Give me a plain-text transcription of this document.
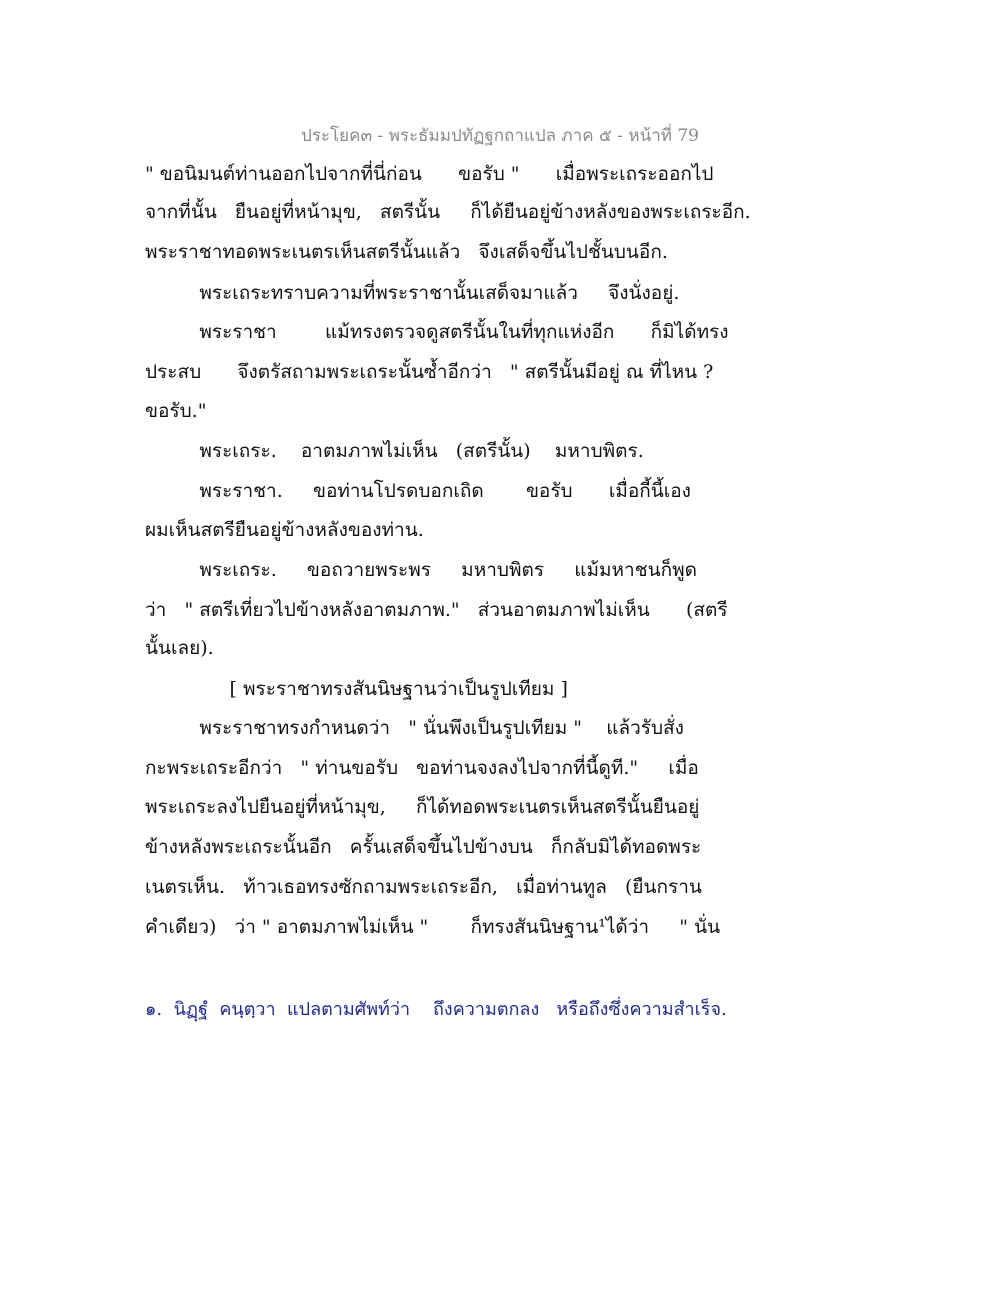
ประโยค๓ - พระธัมมปทัฏฐกถาแปล ภาค ๕ - หน้าที่ 79
" ขอนิมนต์ท่านออกไปจากที่นี่ก่อน      ขอรับ "      เมื่อพระเถระออกไป
จากที่นั้น   ยืนอยู่ที่หน้ามุข,   สตรีนั้น     ก็ได้ยืนอยู่ข้างหลังของพระเถระอีก.
พระราชาทอดพระเนตรเห็นสตรีนั้นแล้ว   จึงเสด็จขึ้นไปชั้นบนอีก.
พระเถระทราบความที่พระราชานั้นเสด็จมาแล้ว     จึงนั่งอยู่.
พระราชา        แม้ทรงตรวจดูสตรีนั้นในที่ทุกแห่งอีก      ก็มิได้ทรง
ประสบ      จึงตรัสถามพระเถระนั้นซ้ำอีกว่า   " สตรีนั้นมีอยู่ ณ ที่ไหน ?
ขอรับ."
พระเถระ.    อาตมภาพไม่เห็น   (สตรีนั้น)    มหาบพิตร.
พระราชา.     ขอท่านโปรดบอกเถิด       ขอรับ      เมื่อกี้นี้เอง
ผมเห็นสตรียืนอยู่ข้างหลังของท่าน.
พระเถระ.     ขอถวายพระพร     มหาบพิตร     แม้มหาชนก็พูด
ว่า   " สตรีเที่ยวไปข้างหลังอาตมภาพ."   ส่วนอาตมภาพไม่เห็น      (สตรี
นั้นเลย).
[ พระราชาทรงสันนิษฐานว่าเป็นรูปเทียม ]
พระราชาทรงกำหนดว่า   " นั่นพึงเป็นรูปเทียม "    แล้วรับสั่ง
กะพระเถระอีกว่า   " ท่านขอรับ   ขอท่านจงลงไปจากที่นี้ดูที."     เมื่อ
พระเถระลงไปยืนอยู่ที่หน้ามุข,     ก็ได้ทอดพระเนตรเห็นสตรีนั้นยืนอยู่
ข้างหลังพระเถระนั้นอีก   ครั้นเสด็จขึ้นไปข้างบน   ก็กลับมิได้ทอดพระ
เนตรเห็น.   ท้าวเธอทรงซักถามพระเถระอีก,   เมื่อท่านทูล   (ยืนกราน
คำเดียว)   ว่า " อาตมภาพไม่เห็น "       ก็ทรงสันนิษฐาน¹ได้ว่า     " นั่น
๑.  นิฏฺฐํ  คนฺตฺวา  แปลตามศัพท์ว่า    ถึงความตกลง   หรือถึงซึ่งความสำเร็จ.
